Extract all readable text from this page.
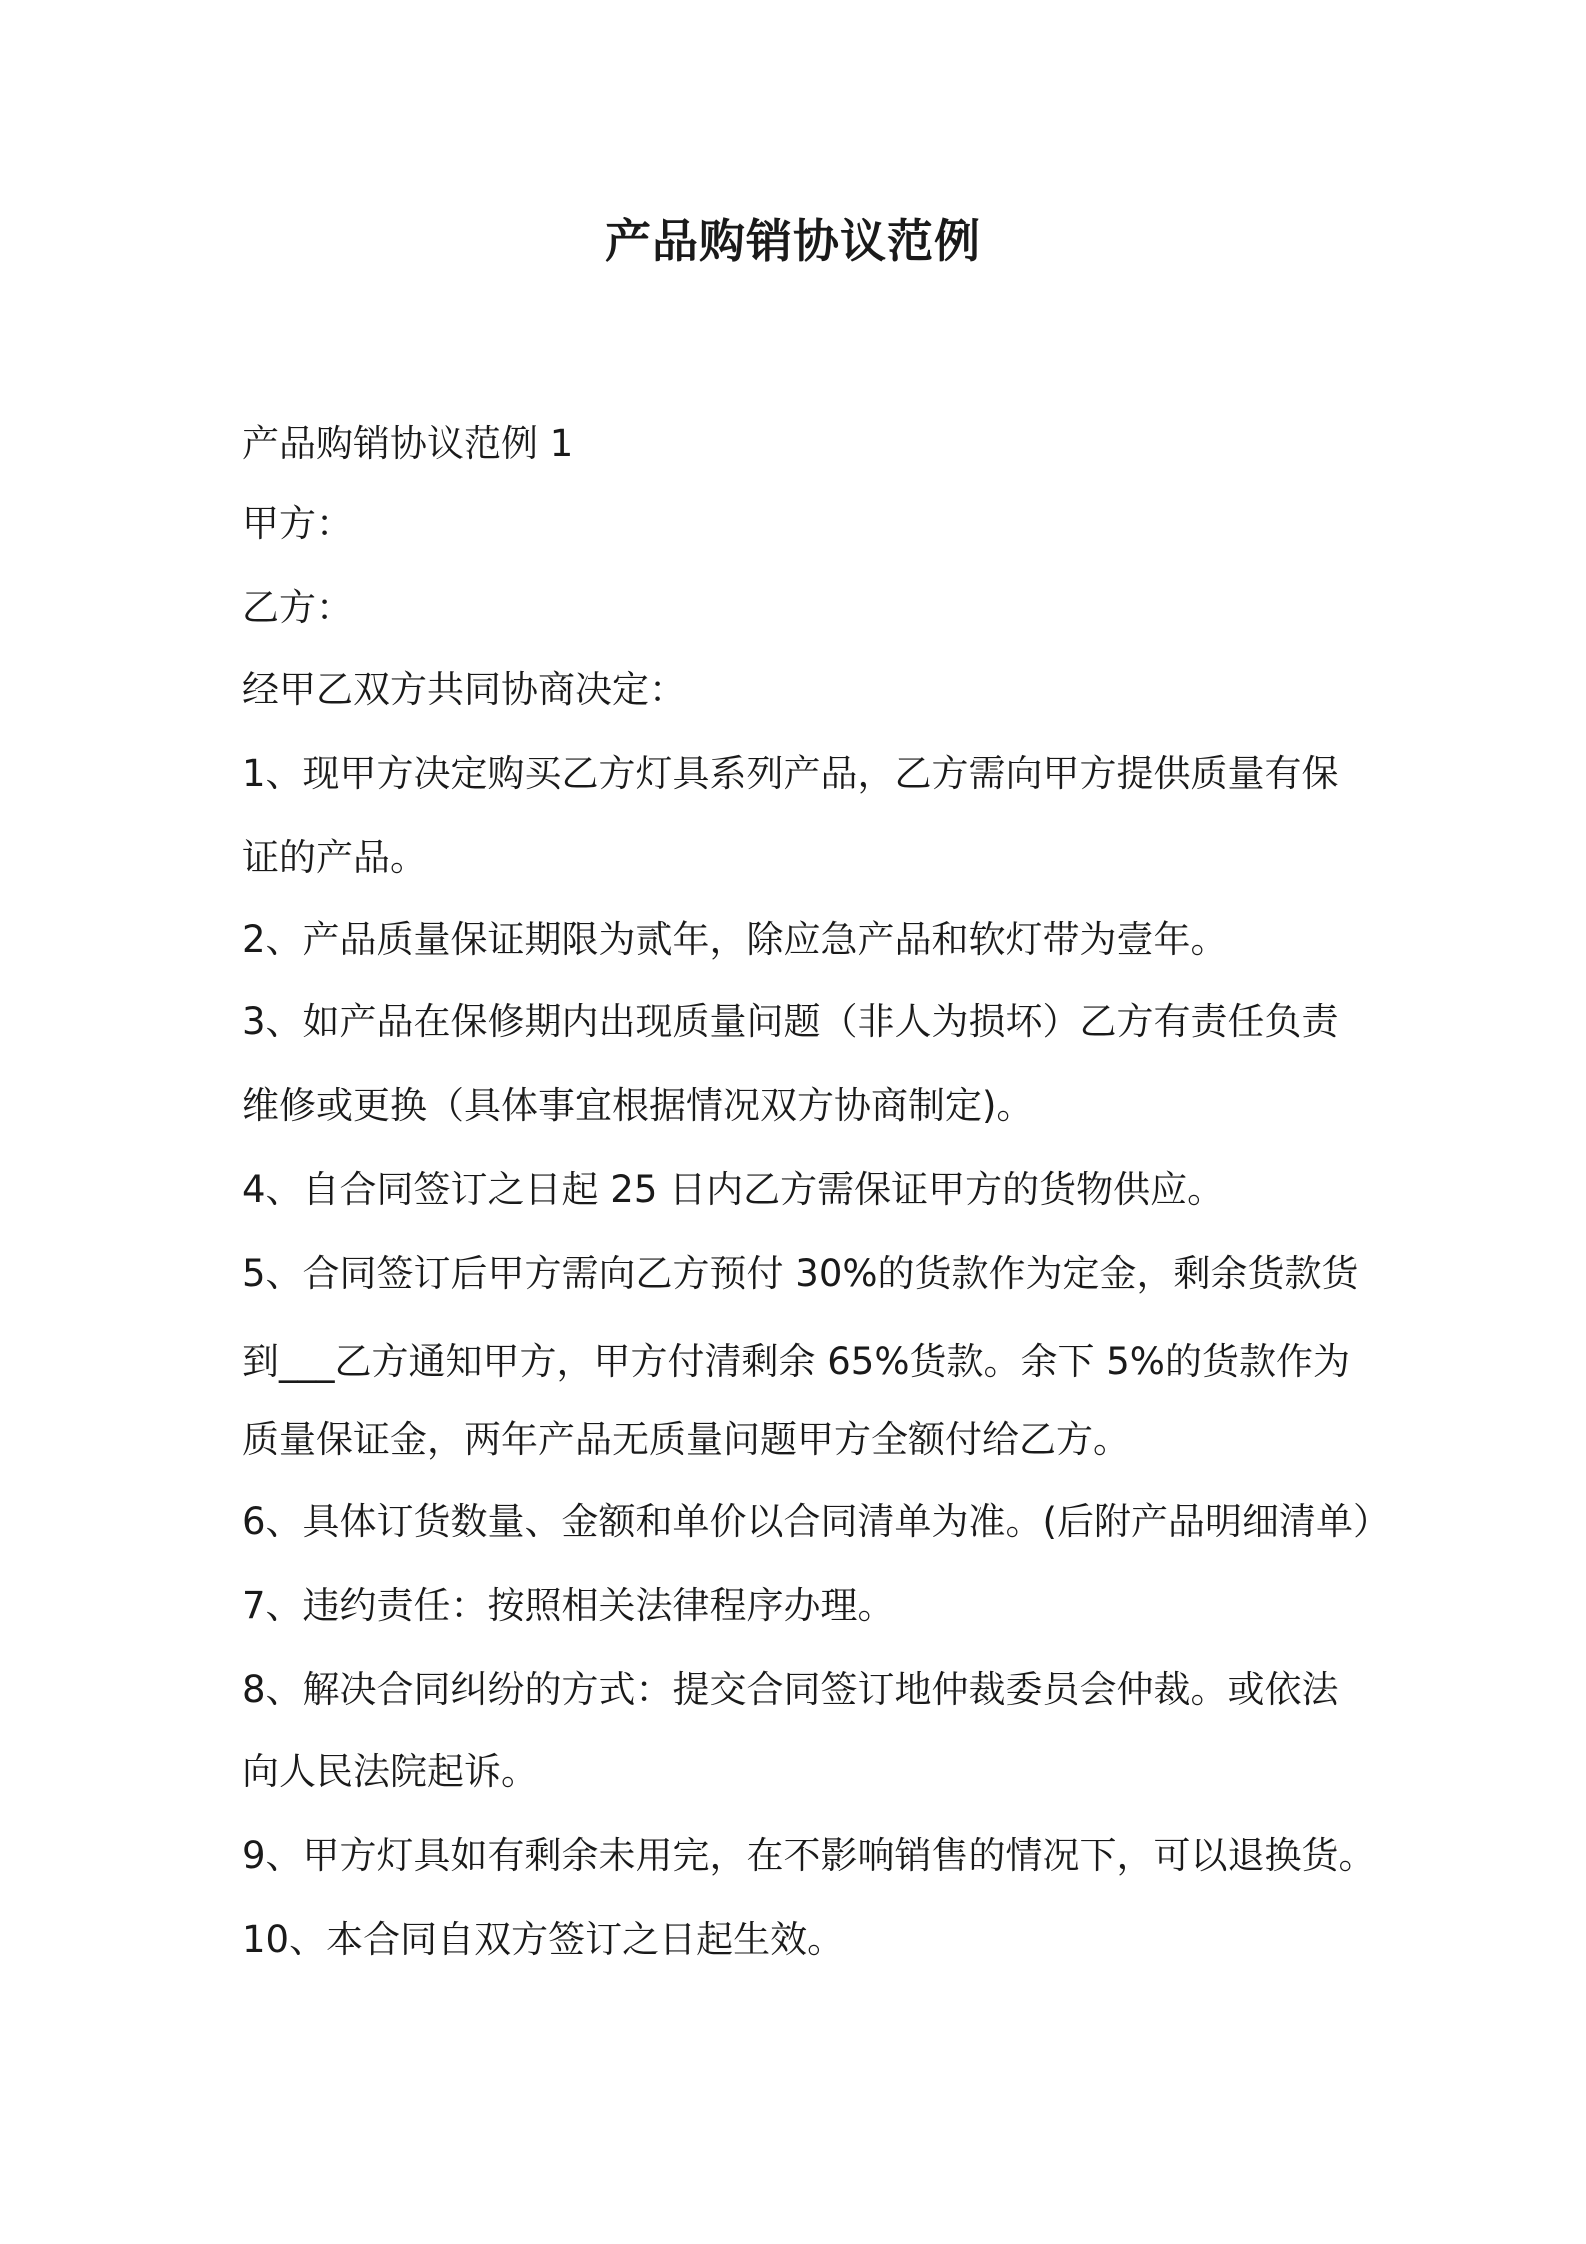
产品购销协议范例

产品购销协议范例 1

甲方：

乙方：

经甲乙双方共同协商决定：

1、现甲方决定购买乙方灯具系列产品，乙方需向甲方提供质量有保

证的产品。

2、产品质量保证期限为贰年，除应急产品和软灯带为壹年。

3、如产品在保修期内出现质量问题（非人为损坏）乙方有责任负责

维修或更换（具体事宜根据情况双方协商制定)。

4、自合同签订之日起 25 日内乙方需保证甲方的货物供应。

5、合同签订后甲方需向乙方预付 30%的货款作为定金，剩余货款货

到___乙方通知甲方，甲方付清剩余 65%货款。余下 5%的货款作为

质量保证金，两年产品无质量问题甲方全额付给乙方。

6、具体订货数量、金额和单价以合同清单为准。(后附产品明细清单）

7、违约责任：按照相关法律程序办理。

8、解决合同纠纷的方式：提交合同签订地仲裁委员会仲裁。或依法

向人民法院起诉。

9、甲方灯具如有剩余未用完，在不影响销售的情况下，可以退换货。

10、本合同自双方签订之日起生效。
